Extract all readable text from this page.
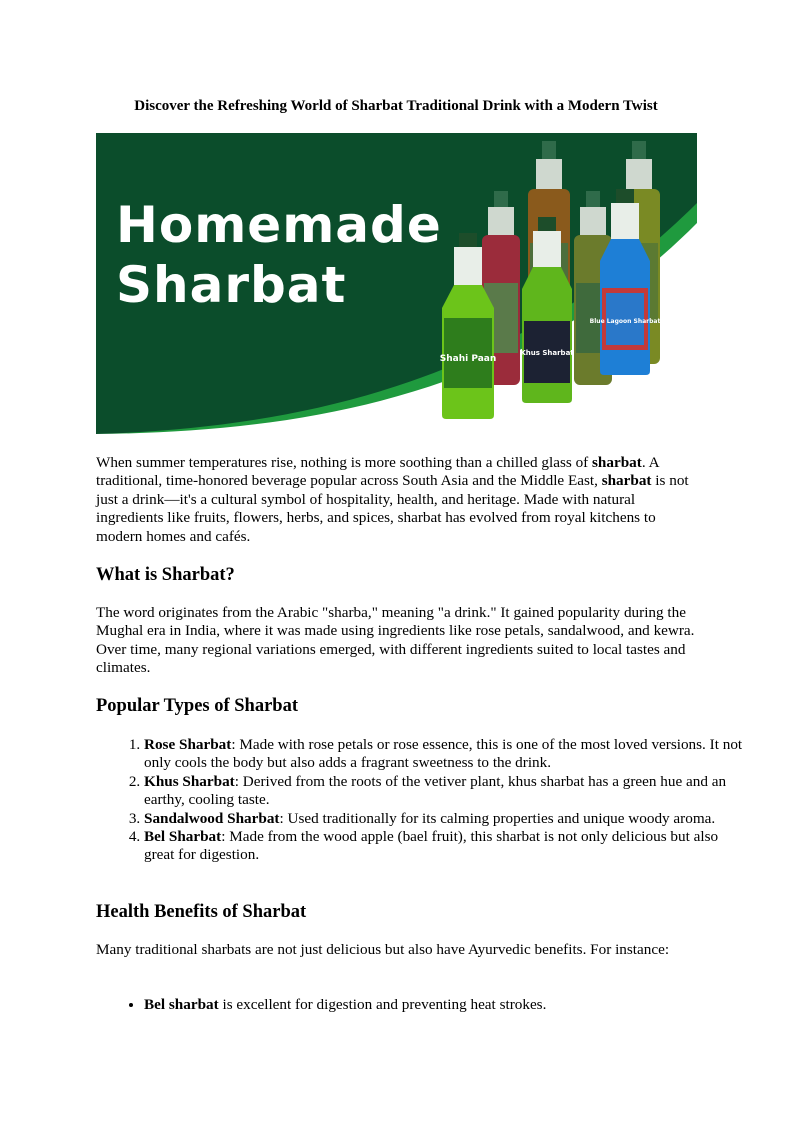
Discover the Refreshing World of Sharbat Traditional Drink with a Modern Twist
Shahi Paan
Khus Sharbat
Blue Lagoon Sharbat
Homemade
Sharbat

When summer temperatures rise, nothing is more soothing than a chilled glass of sharbat. A traditional, time-honored beverage popular across South Asia and the Middle East, sharbat is not just a drink—it's a cultural symbol of hospitality, health, and heritage. Made with natural ingredients like fruits, flowers, herbs, and spices, sharbat has evolved from royal kitchens to modern homes and cafés.

What is Sharbat?

The word originates from the Arabic "sharba," meaning "a drink." It gained popularity during the Mughal era in India, where it was made using ingredients like rose petals, sandalwood, and kewra. Over time, many regional variations emerged, with different ingredients suited to local tastes and climates.

Popular Types of Sharbat
1. Rose Sharbat: Made with rose petals or rose essence, this is one of the most loved versions. It not only cools the body but also adds a fragrant sweetness to the drink.
2. Khus Sharbat: Derived from the roots of the vetiver plant, khus sharbat has a green hue and an earthy, cooling taste.
3. Sandalwood Sharbat: Used traditionally for its calming properties and unique woody aroma.
4. Bel Sharbat: Made from the wood apple (bael fruit), this sharbat is not only delicious but also great for digestion.
Health Benefits of Sharbat

Many traditional sharbats are not just delicious but also have Ayurvedic benefits. For instance:

• Bel sharbat is excellent for digestion and preventing heat strokes.
